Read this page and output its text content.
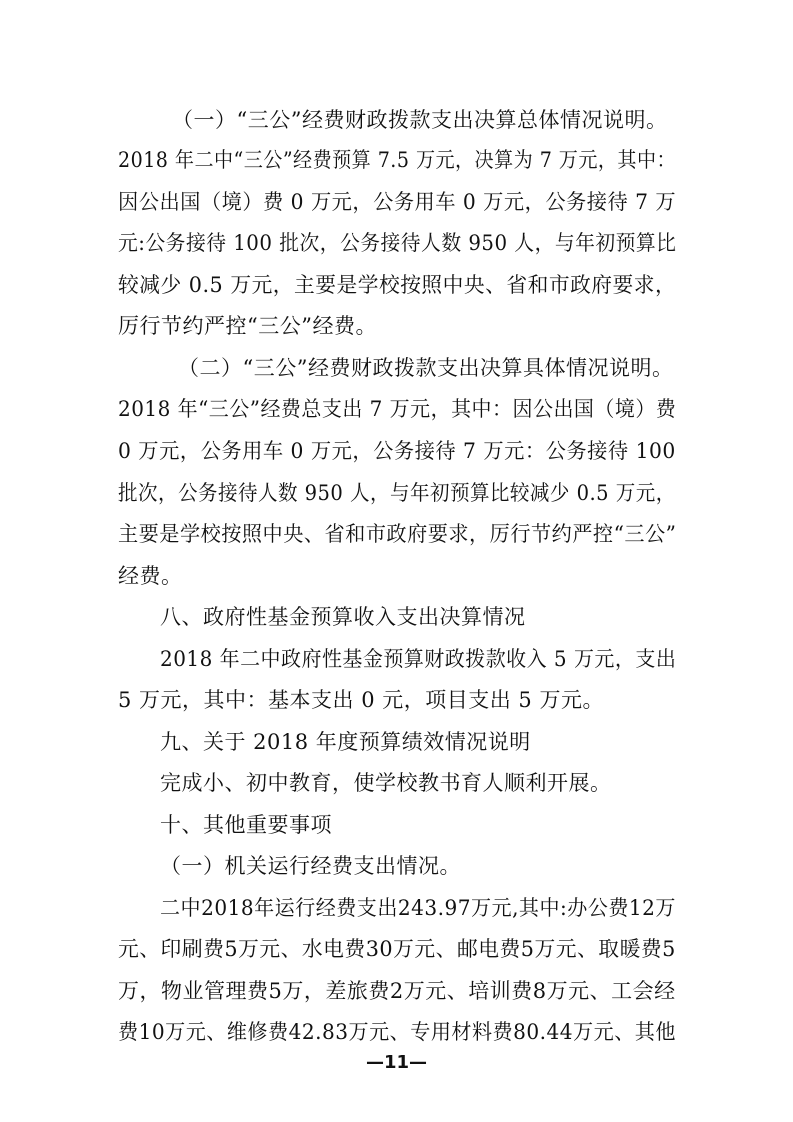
（一）“三公”经费财政拨款支出决算总体情况说明。
2018 年二中“三公”经费预算 7.5 万元，决算为 7 万元，其中：
因公出国（境）费 0 万元，公务用车 0 万元，公务接待 7 万
元:公务接待 100 批次，公务接待人数 950 人，与年初预算比
较减少 0.5 万元，主要是学校按照中央、省和市政府要求，
厉行节约严控“三公”经费。
（二）“三公”经费财政拨款支出决算具体情况说明。
2018 年“三公”经费总支出 7 万元，其中：因公出国（境）费
0 万元，公务用车 0 万元，公务接待 7 万元：公务接待 100
批次，公务接待人数 950 人，与年初预算比较减少 0.5 万元，
主要是学校按照中央、省和市政府要求，厉行节约严控“三公”
经费。
八、政府性基金预算收入支出决算情况
2018 年二中政府性基金预算财政拨款收入 5 万元，支出
5 万元，其中：基本支出 0 元，项目支出 5 万元。
九、关于 2018 年度预算绩效情况说明
完成小、初中教育，使学校教书育人顺利开展。
十、其他重要事项
（一）机关运行经费支出情况。
二中2018年运行经费支出243.97万元,其中:办公费12万
元、印刷费5万元、水电费30万元、邮电费5万元、取暖费5
万，物业管理费5万，差旅费2万元、培训费8万元、工会经
费10万元、维修费42.83万元、专用材料费80.44万元、其他
—11—
